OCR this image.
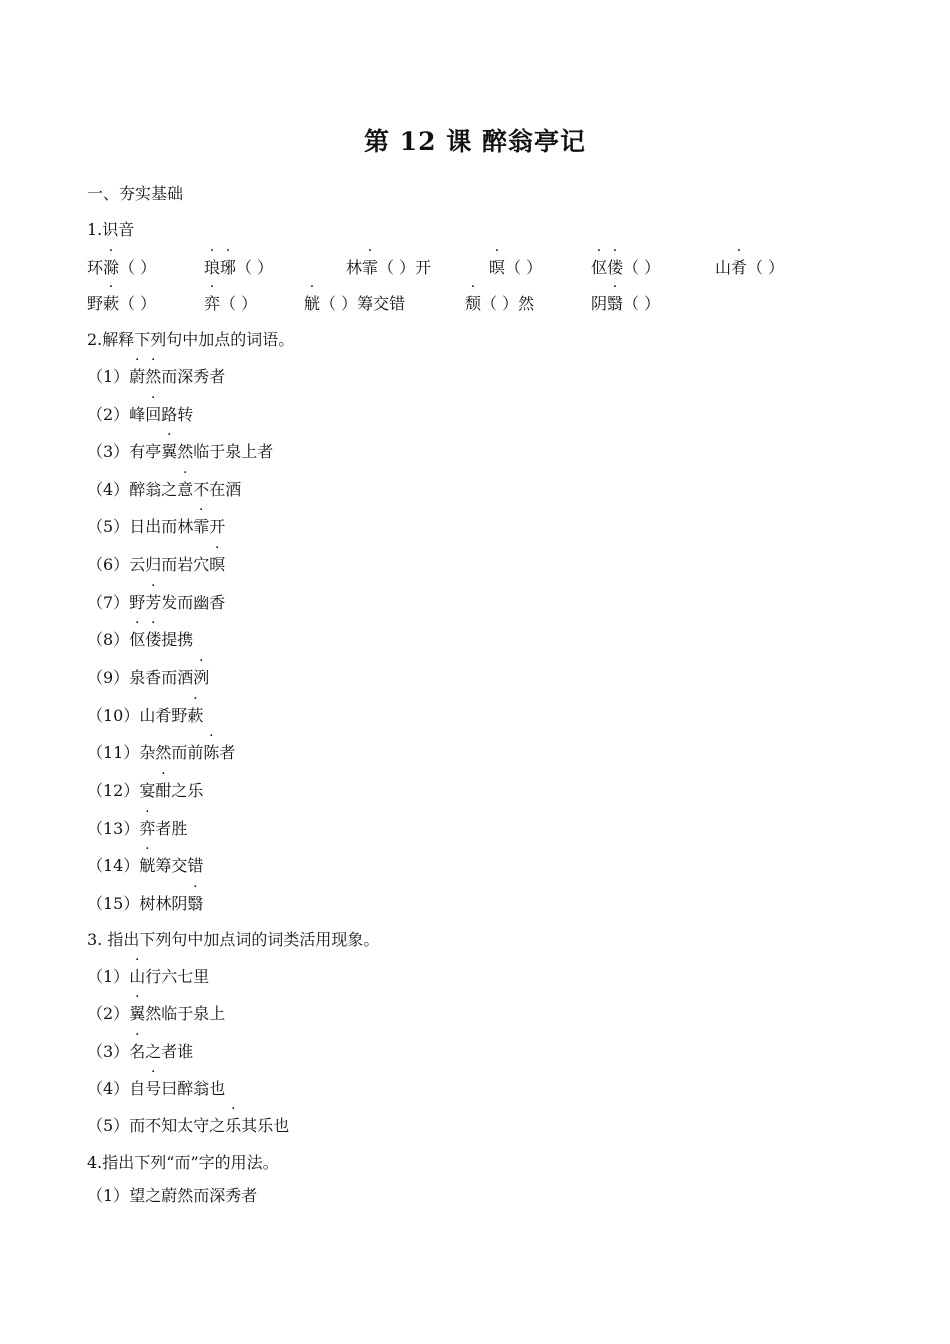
第 12 课 醉翁亭记
一、夯实基础
1.识音
环滁（ ）	琅琊（ ）	林霏（ ）开	暝（ ）	伛偻（ ）	山肴（ ）
野蔌（ ）	弈（ ）	觥（ ）筹交错	颓（ ）然	阴翳（ ）
2.解释下列句中加点的词语。
（1）蔚然而深秀者
（2）峰回路转
（3）有亭翼然临于泉上者
（4）醉翁之意不在酒
（5）日出而林霏开
（6）云归而岩穴暝
（7）野芳发而幽香
（8）伛偻提携
（9）泉香而酒洌
（10）山肴野蔌
（11）杂然而前陈者
（12）宴酣之乐
（13）弈者胜
（14）觥筹交错
（15）树林阴翳
3. 指出下列句中加点词的词类活用现象。
（1）山行六七里
（2）翼然临于泉上
（3）名之者谁
（4）自号曰醉翁也
（5）而不知太守之乐其乐也
4.指出下列“而”字的用法。
（1）望之蔚然而深秀者
